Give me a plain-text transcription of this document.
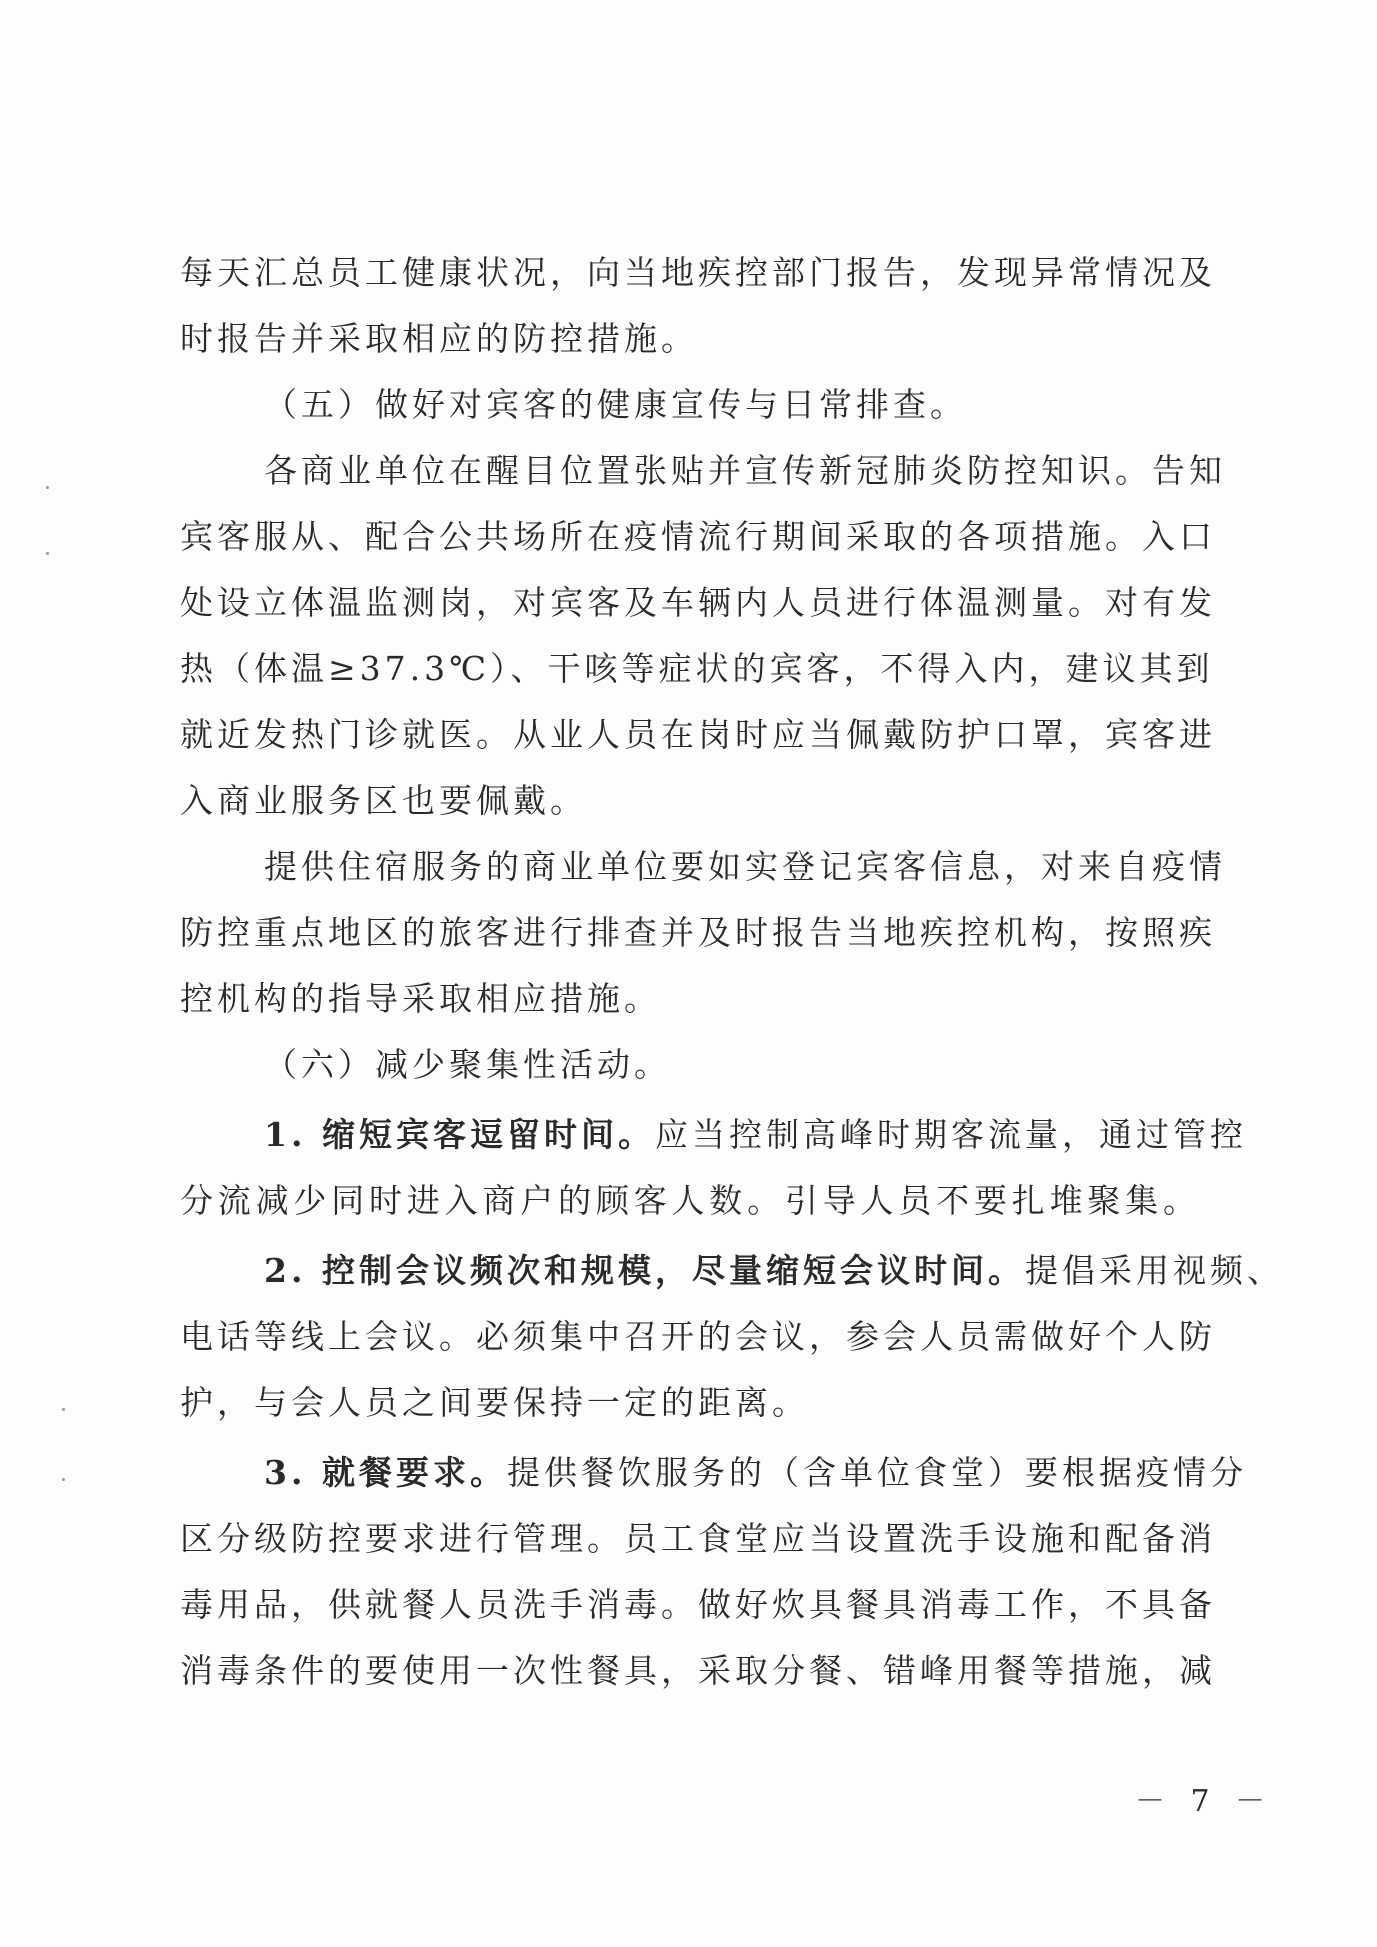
每天汇总员工健康状况，向当地疾控部门报告，发现异常情况及
时报告并采取相应的防控措施。
（五）做好对宾客的健康宣传与日常排查。
各商业单位在醒目位置张贴并宣传新冠肺炎防控知识。告知
宾客服从、配合公共场所在疫情流行期间采取的各项措施。入口
处设立体温监测岗，对宾客及车辆内人员进行体温测量。对有发
热（体温≥37.3℃）、干咳等症状的宾客，不得入内，建议其到
就近发热门诊就医。从业人员在岗时应当佩戴防护口罩，宾客进
入商业服务区也要佩戴。
提供住宿服务的商业单位要如实登记宾客信息，对来自疫情
防控重点地区的旅客进行排查并及时报告当地疾控机构，按照疾
控机构的指导采取相应措施。
（六）减少聚集性活动。
1. 缩短宾客逗留时间。应当控制高峰时期客流量，通过管控
分流减少同时进入商户的顾客人数。引导人员不要扎堆聚集。
2. 控制会议频次和规模，尽量缩短会议时间。提倡采用视频、
电话等线上会议。必须集中召开的会议，参会人员需做好个人防
护，与会人员之间要保持一定的距离。
3. 就餐要求。提供餐饮服务的（含单位食堂）要根据疫情分
区分级防控要求进行管理。员工食堂应当设置洗手设施和配备消
毒用品，供就餐人员洗手消毒。做好炊具餐具消毒工作，不具备
消毒条件的要使用一次性餐具，采取分餐、错峰用餐等措施，减
－ 7 －
